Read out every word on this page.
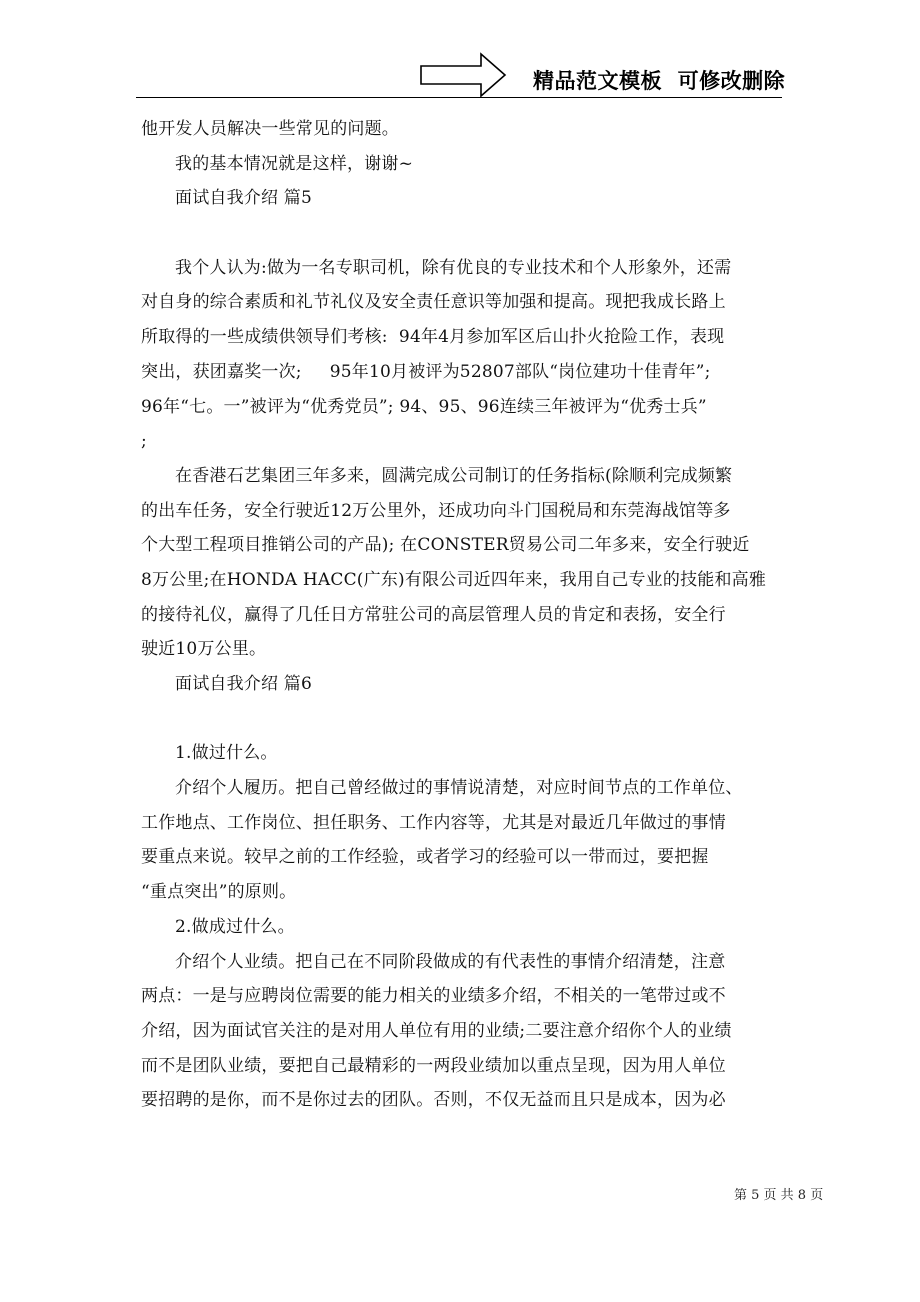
精品范文模板  可修改删除
他开发人员解决一些常见的问题。
我的基本情况就是这样，谢谢~
面试自我介绍 篇5
我个人认为:做为一名专职司机，除有优良的专业技术和个人形象外，还需
对自身的综合素质和礼节礼仪及安全责任意识等加强和提高。现把我成长路上
所取得的一些成绩供领导们考核:  94年4月参加军区后山扑火抢险工作，表现
突出，获团嘉奖一次;     95年10月被评为52807部队“岗位建功十佳青年”;
96年“七。一”被评为“优秀党员”; 94、95、96连续三年被评为“优秀士兵”
;
在香港石艺集团三年多来，圆满完成公司制订的任务指标(除顺利完成频繁
的出车任务，安全行驶近12万公里外，还成功向斗门国税局和东莞海战馆等多
个大型工程项目推销公司的产品); 在CONSTER贸易公司二年多来，安全行驶近
8万公里;在HONDA HACC(广东)有限公司近四年来，我用自己专业的技能和高雅
的接待礼仪，赢得了几任日方常驻公司的高层管理人员的肯定和表扬，安全行
驶近10万公里。
面试自我介绍 篇6
1.做过什么。
介绍个人履历。把自己曾经做过的事情说清楚，对应时间节点的工作单位、
工作地点、工作岗位、担任职务、工作内容等，尤其是对最近几年做过的事情
要重点来说。较早之前的工作经验，或者学习的经验可以一带而过，要把握
“重点突出”的原则。
2.做成过什么。
介绍个人业绩。把自己在不同阶段做成的有代表性的事情介绍清楚，注意
两点：一是与应聘岗位需要的能力相关的业绩多介绍，不相关的一笔带过或不
介绍，因为面试官关注的是对用人单位有用的业绩;二要注意介绍你个人的业绩
而不是团队业绩，要把自己最精彩的一两段业绩加以重点呈现，因为用人单位
要招聘的是你，而不是你过去的团队。否则，不仅无益而且只是成本，因为必
第 5 页 共 8 页
